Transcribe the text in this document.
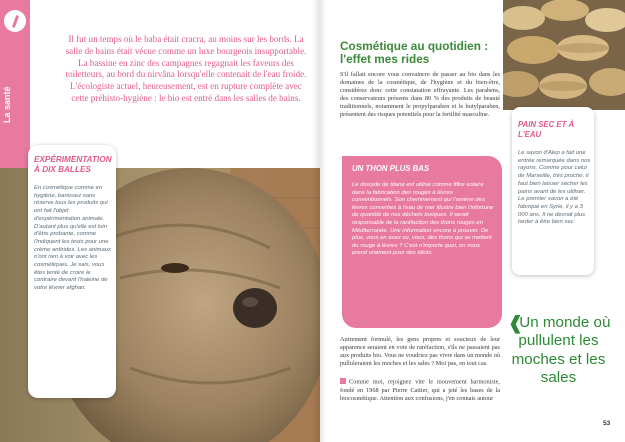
La santé
Il fut un temps où le baba était cracra, au moins sur les bords. La salle de bains était vécue comme un luxe bourgeois insupportable. La bassine en zinc des campagnes regagnait les faveurs des toiletteurs, au bord du nirvâna lorsqu'elle contenait de l'eau froide. L'écologiste actuel, heureusement, est en rupture complète avec cette préhisto-hygiène : le bio est entré dans les salles de bains.
EXPÉRIMENTATION À DIX BALLES
En cosmétique comme en hygiène, banissez sans réserve tous les produits qui ont fait l'objet d'expérimentation animale. D'autant plus qu'elle est loin d'être probante, comme l'indiquent les tests pour une crème antirides. Les animaux n'ont rien à voir avec les cosmétiques. Je sais, vous êtes tenté de croire le contraire devant l'haleine de votre lévrier afghan.
Cosmétique au quotidien : l'effet mes rides
S'il fallait encore vous convaincre de passer au bio dans les domaines de la cosmétique, de l'hygiène et du bien-être, considérez donc cette constatation effrayante. Les parabens, des conservateurs présents dans 80 % des produits de beauté traditionnels, notamment le propylparaben et le butylparaben, présentent des risques potentiels pour la fertilité masculine.
UN THON PLUS BAS
Le dioxyde de titane est utilisé comme filtre solaire dans la fabrication des rouges à lèvres conventionnels. Son cheminement qui l'amène des lèvres converties à l'eau de mer illustre bien l'infortune de quantité de nos déchets toxiques. Il serait responsable de la raréfaction des thons rouges en Méditerranée. Une information encore à prouver. De plus, vous en avez vu, vous, des thons qui se mettent du rouge à lèvres ? C'est n'importe quoi, on nous prend vraiment pour des idiots.
Autrement formulé, les gens propres et soucieux de leur apparence seraient en voie de raréfaction, s'ils ne passaient pas aux produits bio. Vous ne voudriez pas vivre dans un monde où pulluleraient les moches et les sales ? Moi pas, en tout cas.
Comme moi, rejoignez vite le mouvement harmoniste, fondé en 1968 par Pierre Cattier, qui a jeté les bases de la biocosmétique. Attention aux confusions, j'en connais autour
PAIN SEC ET À L'EAU
Le savon d'Alep a fait une entrée remarquée dans nos rayons. Comme pour celui de Marseille, très proche, il faut bien laisser sécher les pains avant de les utiliser. Le premier savon a été fabriqué en Syrie, il y a 3 000 ans. Il ne devrait plus tarder à être bien sec.
❰
Un monde où pullulent les moches et les sales
53
